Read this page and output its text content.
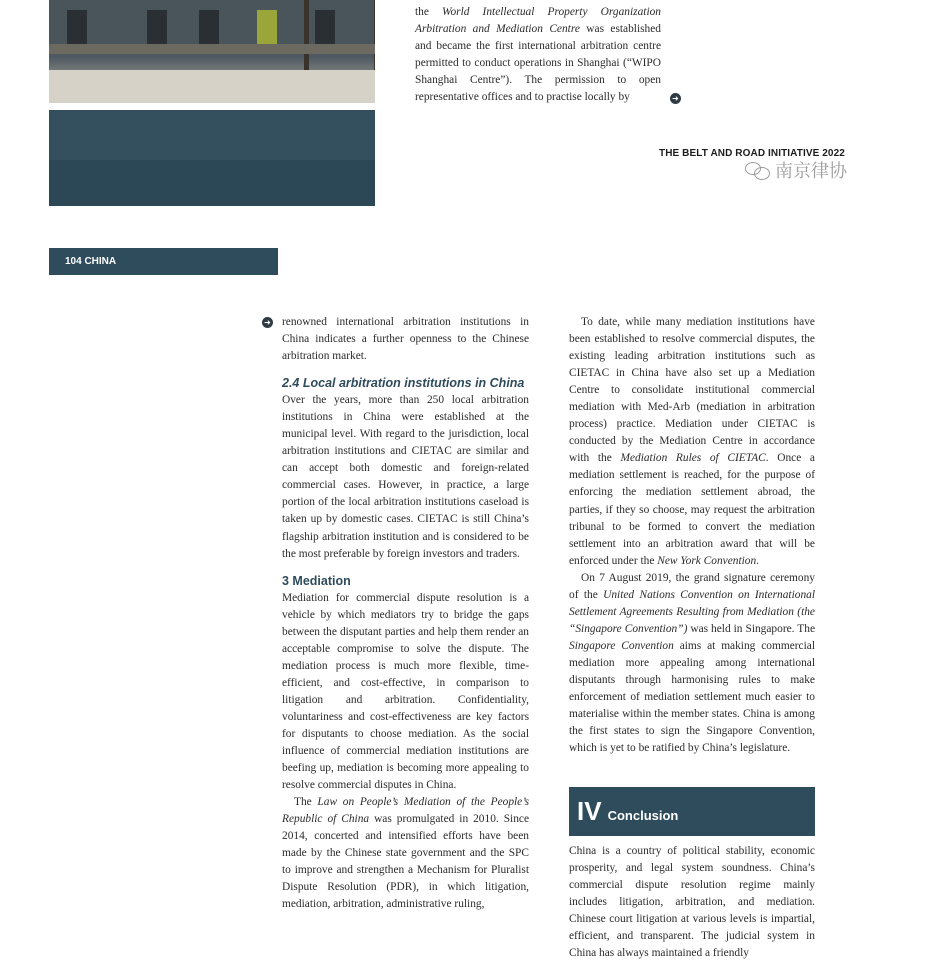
the World Intellectual Property Organization Arbitration and Mediation Centre was established and became the first international arbitration centre permitted to conduct operations in Shanghai (“WIPO Shanghai Centre”). The permission to open representative offices and to practise locally by	➜
THE BELT AND ROAD INITIATIVE 2022
南京律协
104 CHINA
➜ renowned international arbitration institutions in China indicates a further openness to the Chinese arbitration market.

2.4 Local arbitration institutions in China

Over the years, more than 250 local arbitration institutions in China were established at the municipal level. With regard to the jurisdiction, local arbitration institutions and CIETAC are similar and can accept both domestic and foreign-related commercial cases. However, in practice, a large portion of the local arbitration institutions caseload is taken up by domestic cases. CIETAC is still China’s flagship arbitration institution and is considered to be the most preferable by foreign investors and traders.

3 Mediation

Mediation for commercial dispute resolution is a vehicle by which mediators try to bridge the gaps between the disputant parties and help them render an acceptable compromise to solve the dispute. The mediation process is much more flexible, time-efficient, and cost-effective, in comparison to litigation and arbitration. Confidentiality, voluntariness and cost-effectiveness are key factors for disputants to choose mediation. As the social influence of commercial mediation institutions are beefing up, mediation is becoming more appealing to resolve commercial disputes in China.

The Law on People’s Mediation of the People’s Republic of China was promulgated in 2010. Since 2014, concerted and intensified efforts have been made by the Chinese state government and the SPC to improve and strengthen a Mechanism for Pluralist Dispute Resolution (PDR), in which litigation, mediation, arbitration, administrative ruling,

To date, while many mediation institutions have been established to resolve commercial disputes, the existing leading arbitration institutions such as CIETAC in China have also set up a Mediation Centre to consolidate institutional commercial mediation with Med-Arb (mediation in arbitration process) practice. Mediation under CIETAC is conducted by the Mediation Centre in accordance with the Mediation Rules of CIETAC. Once a mediation settlement is reached, for the purpose of enforcing the mediation settlement abroad, the parties, if they so choose, may request the arbitration tribunal to be formed to convert the mediation settlement into an arbitration award that will be enforced under the New York Convention.

On 7 August 2019, the grand signature ceremony of the United Nations Convention on International Settlement Agreements Resulting from Mediation (the “Singapore Convention”) was held in Singapore. The Singapore Convention aims at making commercial mediation more appealing among international disputants through harmonising rules to make enforcement of mediation settlement much easier to materialise within the member states. China is among the first states to sign the Singapore Convention, which is yet to be ratified by China’s legislature.

IV Conclusion

China is a country of political stability, economic prosperity, and legal system soundness. China’s commercial dispute resolution regime mainly includes litigation, arbitration, and mediation. Chinese court litigation at various levels is impartial, efficient, and transparent. The judicial system in China has always maintained a friendly
